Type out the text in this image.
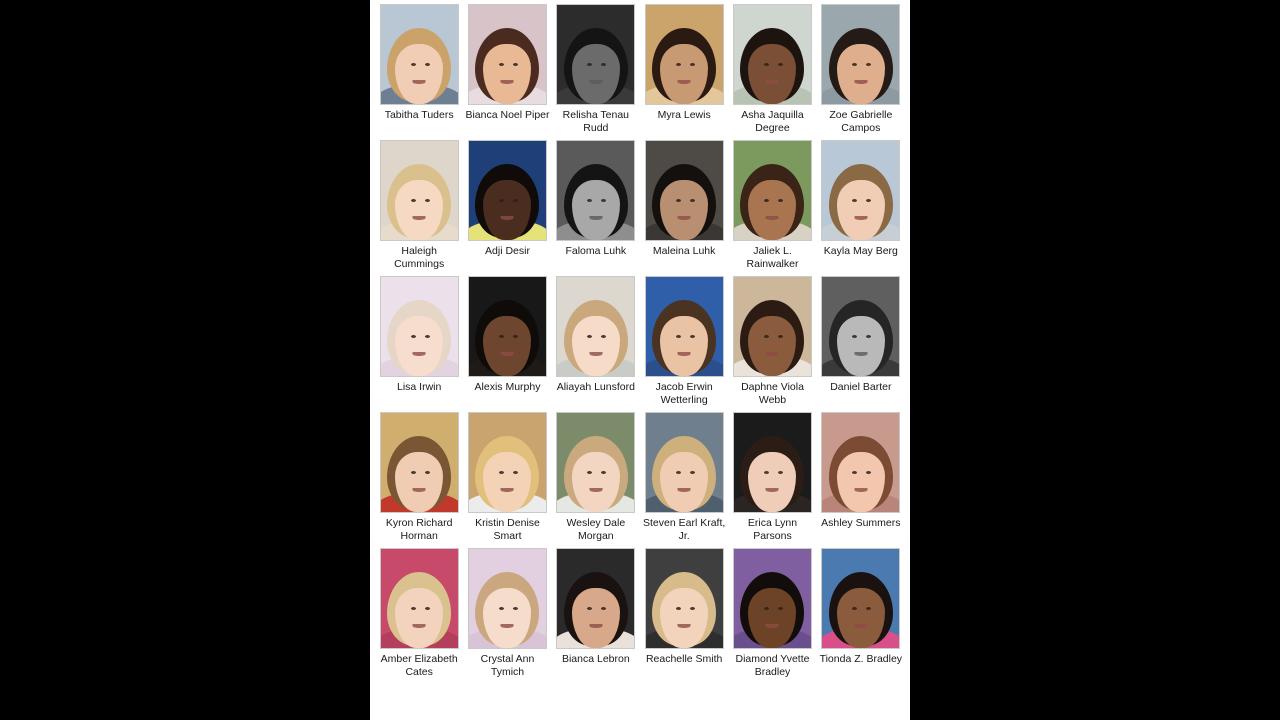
Tabitha Tuders Bianca Noel Piper	Relisha Tenau Rudd
Myra Lewis	Asha Jaquilla Degree
Zoe Gabrielle Campos
Haleigh Cummings
Adji Desir	Faloma Luhk	Maleina Luhk	Jaliek L. Rainwalker
Kayla May Berg
Lisa Irwin	Alexis Murphy Aliayah Lunsford	Jacob Erwin Wetterling
Daphne Viola Webb
Daniel Barter
Kyron Richard Horman
Kristin Denise Smart
Wesley Dale Morgan
Steven Earl Kraft, Jr.
Erica Lynn Parsons
Ashley Summers
Amber Elizabeth Cates
Crystal Ann Tymich
Bianca Lebron Reachelle Smith	Diamond Yvette Bradley
Tionda Z. Bradley
